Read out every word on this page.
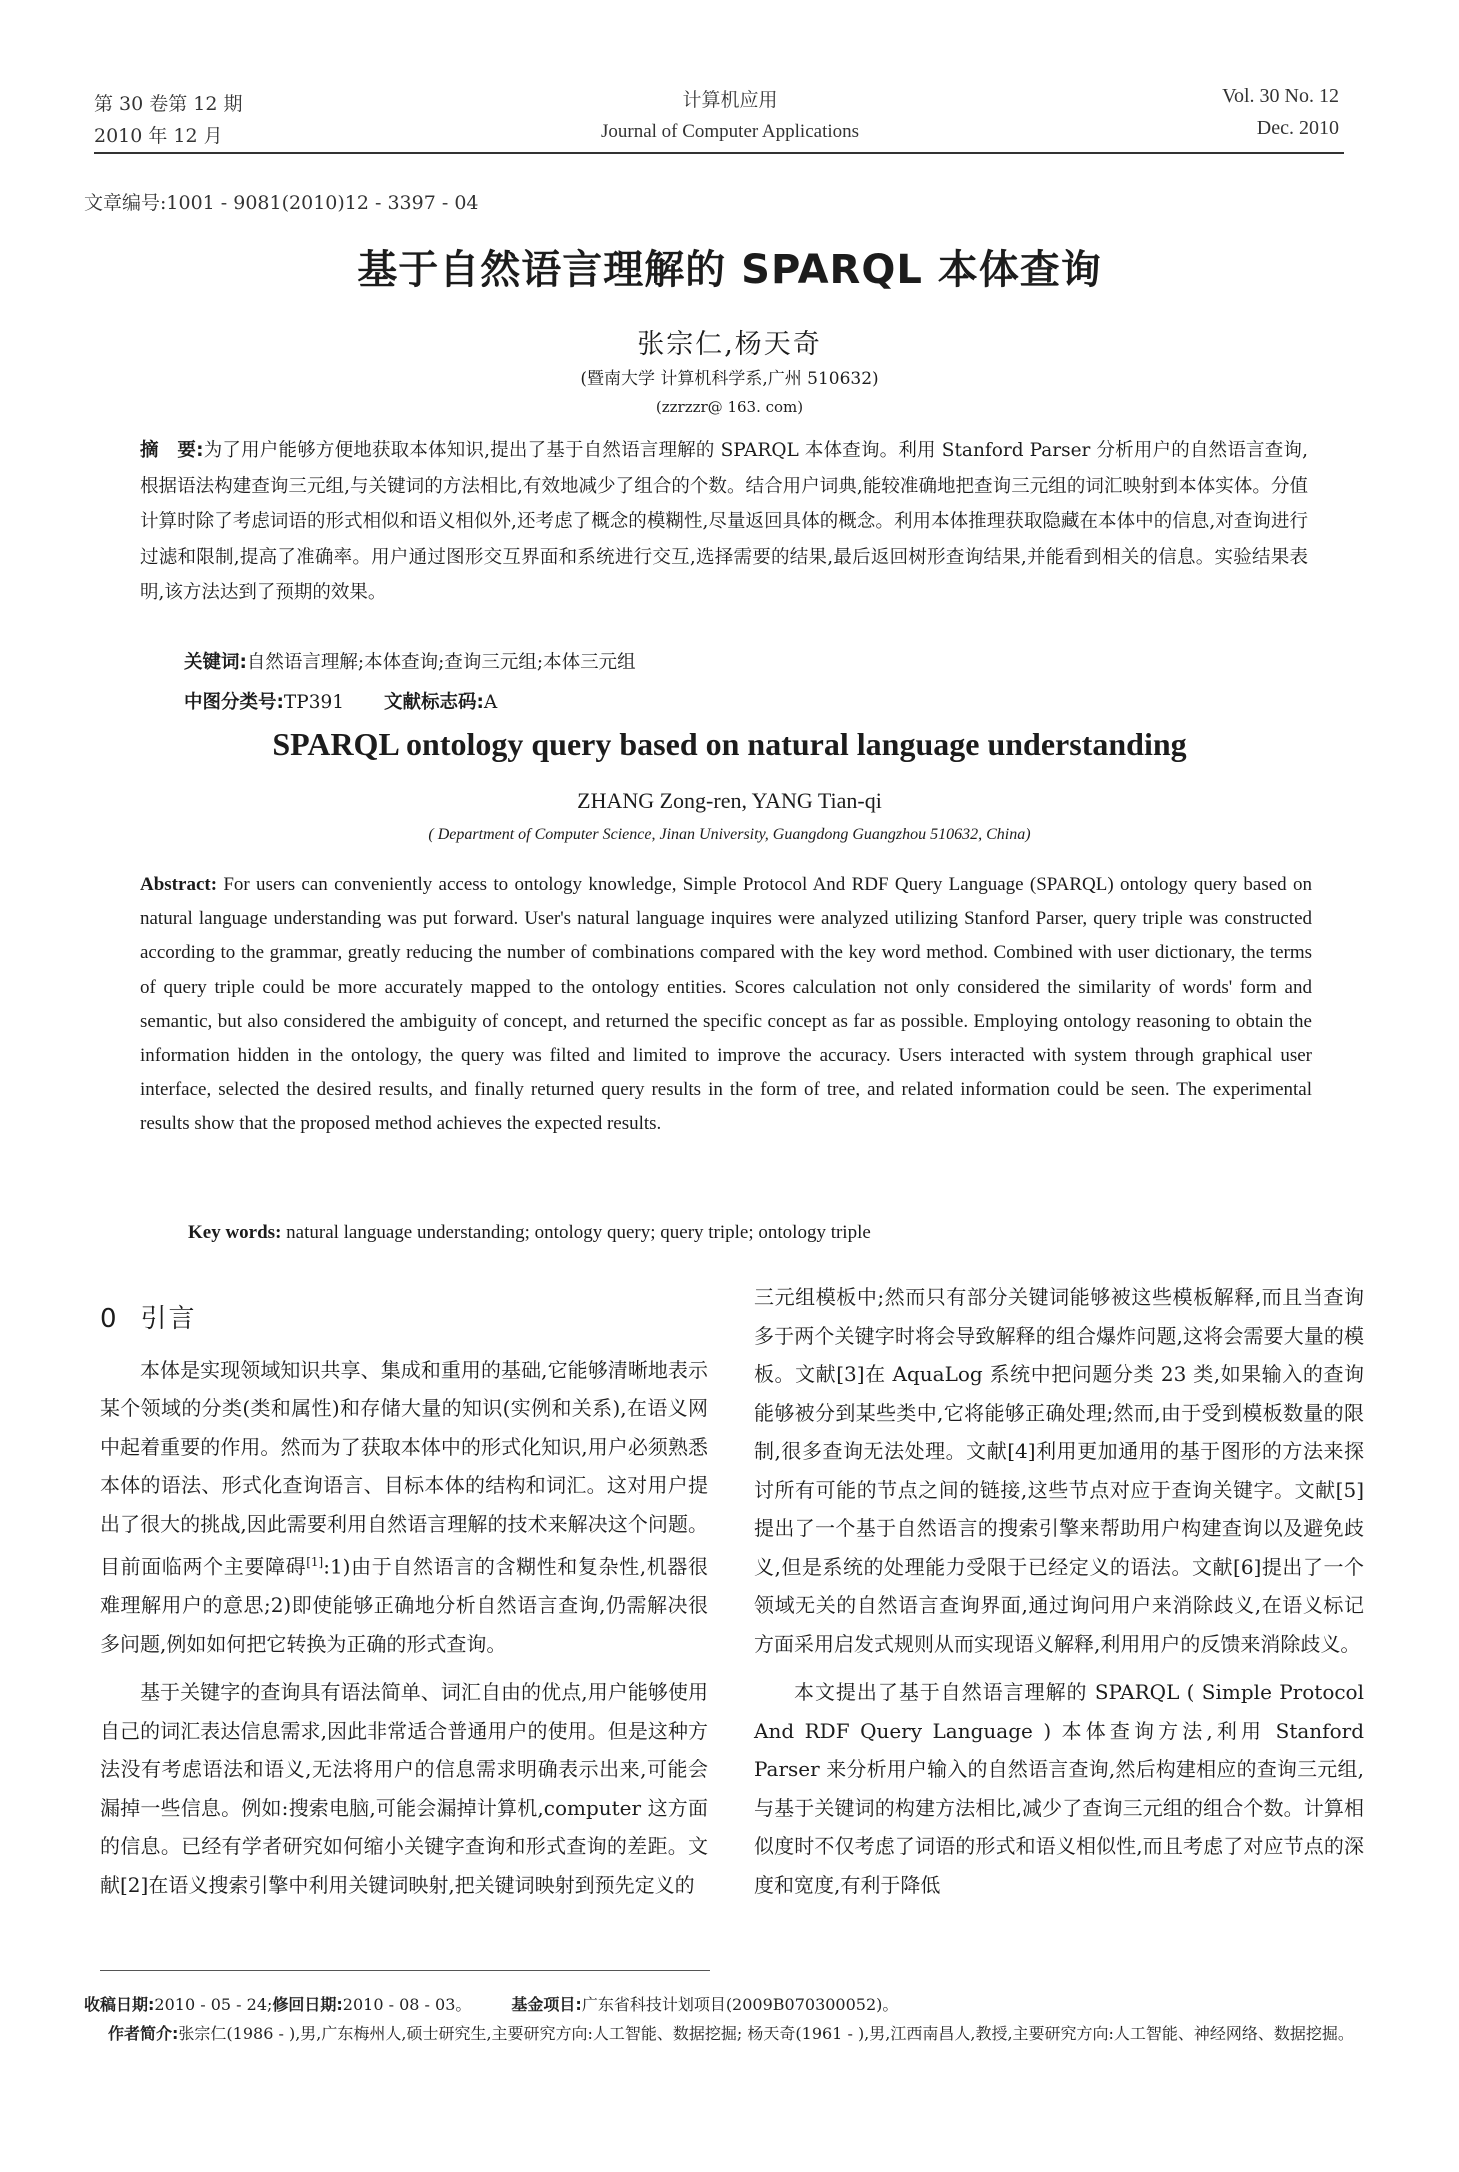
第 30 卷第 12 期
2010 年 12 月
计算机应用
Journal of Computer Applications
Vol. 30 No. 12
Dec. 2010
文章编号:1001 - 9081(2010)12 - 3397 - 04
基于自然语言理解的 SPARQL 本体查询
张宗仁,杨天奇
(暨南大学 计算机科学系,广州 510632)
(zzrzzr@ 163. com)
摘　要:为了用户能够方便地获取本体知识,提出了基于自然语言理解的 SPARQL 本体查询。利用 Stanford Parser 分析用户的自然语言查询,根据语法构建查询三元组,与关键词的方法相比,有效地减少了组合的个数。结合用户词典,能较准确地把查询三元组的词汇映射到本体实体。分值计算时除了考虑词语的形式相似和语义相似外,还考虑了概念的模糊性,尽量返回具体的概念。利用本体推理获取隐藏在本体中的信息,对查询进行过滤和限制,提高了准确率。用户通过图形交互界面和系统进行交互,选择需要的结果,最后返回树形查询结果,并能看到相关的信息。实验结果表明,该方法达到了预期的效果。
关键词:自然语言理解;本体查询;查询三元组;本体三元组
中图分类号:TP391 文献标志码:A
SPARQL ontology query based on natural language understanding
ZHANG Zong-ren, YANG Tian-qi
( Department of Computer Science, Jinan University, Guangdong Guangzhou 510632, China)
Abstract: For users can conveniently access to ontology knowledge, Simple Protocol And RDF Query Language (SPARQL) ontology query based on natural language understanding was put forward. User's natural language inquires were analyzed utilizing Stanford Parser, query triple was constructed according to the grammar, greatly reducing the number of combinations compared with the key word method. Combined with user dictionary, the terms of query triple could be more accurately mapped to the ontology entities. Scores calculation not only considered the similarity of words' form and semantic, but also considered the ambiguity of concept, and returned the specific concept as far as possible. Employing ontology reasoning to obtain the information hidden in the ontology, the query was filted and limited to improve the accuracy. Users interacted with system through graphical user interface, selected the desired results, and finally returned query results in the form of tree, and related information could be seen. The experimental results show that the proposed method achieves the expected results.
Key words: natural language understanding; ontology query; query triple; ontology triple
0 引言

本体是实现领域知识共享、集成和重用的基础,它能够清晰地表示某个领域的分类(类和属性)和存储大量的知识(实例和关系),在语义网中起着重要的作用。然而为了获取本体中的形式化知识,用户必须熟悉本体的语法、形式化查询语言、目标本体的结构和词汇。这对用户提出了很大的挑战,因此需要利用自然语言理解的技术来解决这个问题。目前面临两个主要障碍[1]:1)由于自然语言的含糊性和复杂性,机器很难理解用户的意思;2)即使能够正确地分析自然语言查询,仍需解决很多问题,例如如何把它转换为正确的形式查询。

基于关键字的查询具有语法简单、词汇自由的优点,用户能够使用自己的词汇表达信息需求,因此非常适合普通用户的使用。但是这种方法没有考虑语法和语义,无法将用户的信息需求明确表示出来,可能会漏掉一些信息。例如:搜索电脑,可能会漏掉计算机,computer 这方面的信息。已经有学者研究如何缩小关键字查询和形式查询的差距。文献[2]在语义搜索引擎中利用关键词映射,把关键词映射到预先定义的

三元组模板中;然而只有部分关键词能够被这些模板解释,而且当查询多于两个关键字时将会导致解释的组合爆炸问题,这将会需要大量的模板。文献[3]在 AquaLog 系统中把问题分类 23 类,如果输入的查询能够被分到某些类中,它将能够正确处理;然而,由于受到模板数量的限制,很多查询无法处理。文献[4]利用更加通用的基于图形的方法来探讨所有可能的节点之间的链接,这些节点对应于查询关键字。文献[5]提出了一个基于自然语言的搜索引擎来帮助用户构建查询以及避免歧义,但是系统的处理能力受限于已经定义的语法。文献[6]提出了一个领域无关的自然语言查询界面,通过询问用户来消除歧义,在语义标记方面采用启发式规则从而实现语义解释,利用用户的反馈来消除歧义。

本文提出了基于自然语言理解的 SPARQL ( Simple Protocol And RDF Query Language ) 本体查询方法,利用 Stanford Parser 来分析用户输入的自然语言查询,然后构建相应的查询三元组,与基于关键词的构建方法相比,减少了查询三元组的组合个数。计算相似度时不仅考虑了词语的形式和语义相似性,而且考虑了对应节点的深度和宽度,有利于降低

收稿日期:2010 - 05 - 24;修回日期:2010 - 08 - 03。	基金项目:广东省科技计划项目(2009B070300052)。
作者简介:张宗仁(1986 - ),男,广东梅州人,硕士研究生,主要研究方向:人工智能、数据挖掘; 杨天奇(1961 - ),男,江西南昌人,教授,主要研究方向:人工智能、神经网络、数据挖掘。
